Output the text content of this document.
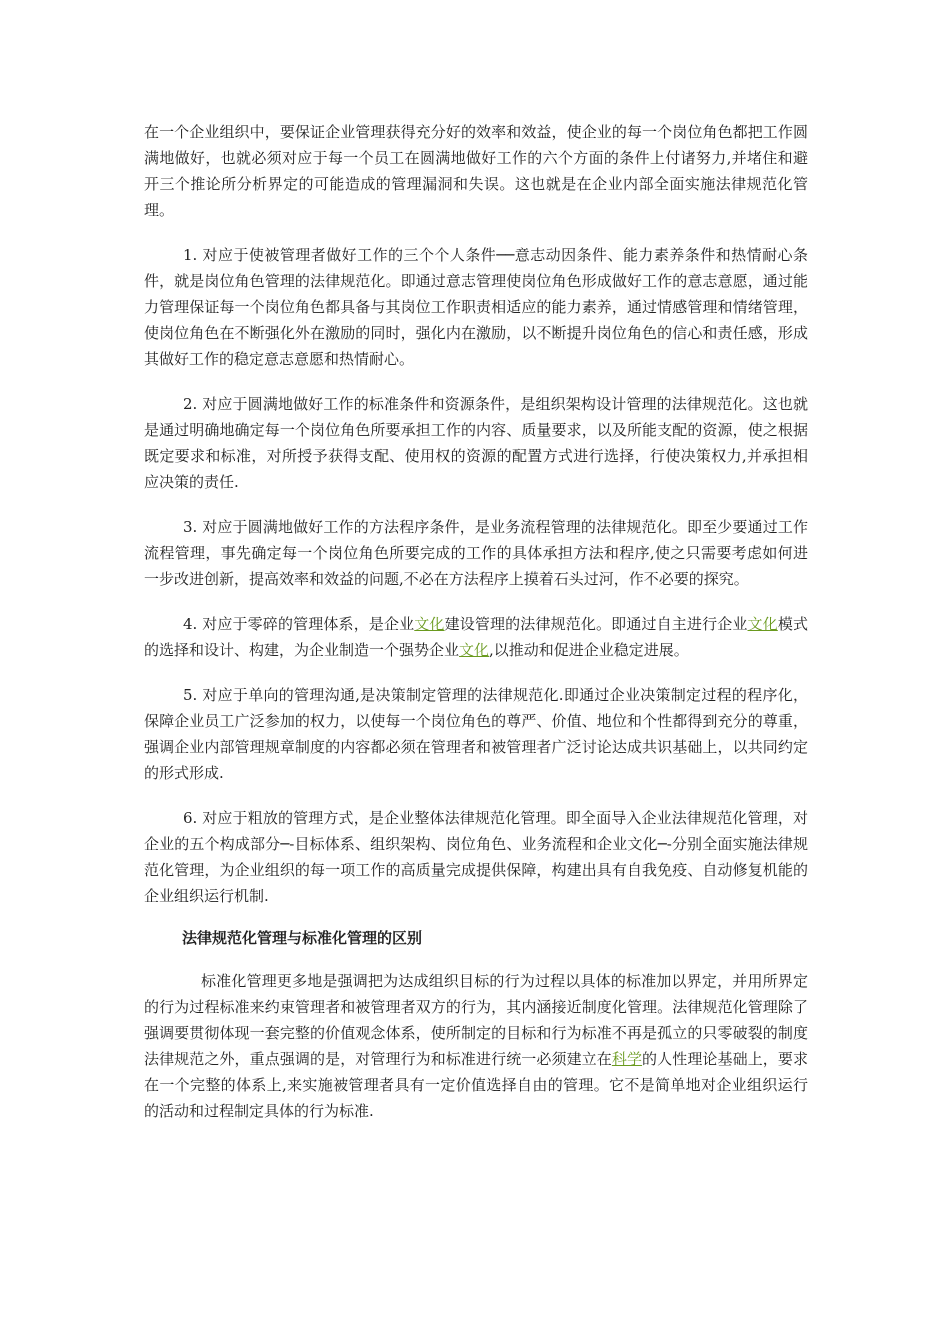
在一个企业组织中，要保证企业管理获得充分好的效率和效益，使企业的每一个岗位角色都把工作圆满地做好，也就必须对应于每一个员工在圆满地做好工作的六个方面的条件上付诸努力,并堵住和避开三个推论所分析界定的可能造成的管理漏洞和失误。这也就是在企业内部全面实施法律规范化管理。

1. 对应于使被管理者做好工作的三个个人条件──意志动因条件、能力素养条件和热情耐心条件，就是岗位角色管理的法律规范化。即通过意志管理使岗位角色形成做好工作的意志意愿，通过能力管理保证每一个岗位角色都具备与其岗位工作职责相适应的能力素养，通过情感管理和情绪管理，使岗位角色在不断强化外在激励的同时，强化内在激励，以不断提升岗位角色的信心和责任感，形成其做好工作的稳定意志意愿和热情耐心。

2. 对应于圆满地做好工作的标准条件和资源条件，是组织架构设计管理的法律规范化。这也就是通过明确地确定每一个岗位角色所要承担工作的内容、质量要求，以及所能支配的资源，使之根据既定要求和标准，对所授予获得支配、使用权的资源的配置方式进行选择，行使决策权力,并承担相应决策的责任.

3. 对应于圆满地做好工作的方法程序条件，是业务流程管理的法律规范化。即至少要通过工作流程管理，事先确定每一个岗位角色所要完成的工作的具体承担方法和程序,使之只需要考虑如何进一步改进创新，提高效率和效益的问题,不必在方法程序上摸着石头过河，作不必要的探究。

4. 对应于零碎的管理体系，是企业文化建设管理的法律规范化。即通过自主进行企业文化模式的选择和设计、构建，为企业制造一个强势企业文化,以推动和促进企业稳定进展。

5. 对应于单向的管理沟通,是决策制定管理的法律规范化.即通过企业决策制定过程的程序化，保障企业员工广泛参加的权力，以使每一个岗位角色的尊严、价值、地位和个性都得到充分的尊重，强调企业内部管理规章制度的内容都必须在管理者和被管理者广泛讨论达成共识基础上，以共同约定的形式形成.

6. 对应于粗放的管理方式，是企业整体法律规范化管理。即全面导入企业法律规范化管理，对企业的五个构成部分─-目标体系、组织架构、岗位角色、业务流程和企业文化─-分别全面实施法律规范化管理，为企业组织的每一项工作的高质量完成提供保障，构建出具有自我免疫、自动修复机能的企业组织运行机制.

法律规范化管理与标准化管理的区别

标准化管理更多地是强调把为达成组织目标的行为过程以具体的标准加以界定，并用所界定的行为过程标准来约束管理者和被管理者双方的行为，其内涵接近制度化管理。法律规范化管理除了强调要贯彻体现一套完整的价值观念体系，使所制定的目标和行为标准不再是孤立的只零破裂的制度法律规范之外，重点强调的是，对管理行为和标准进行统一必须建立在科学的人性理论基础上，要求在一个完整的体系上,来实施被管理者具有一定价值选择自由的管理。它不是简单地对企业组织运行的活动和过程制定具体的行为标准.
